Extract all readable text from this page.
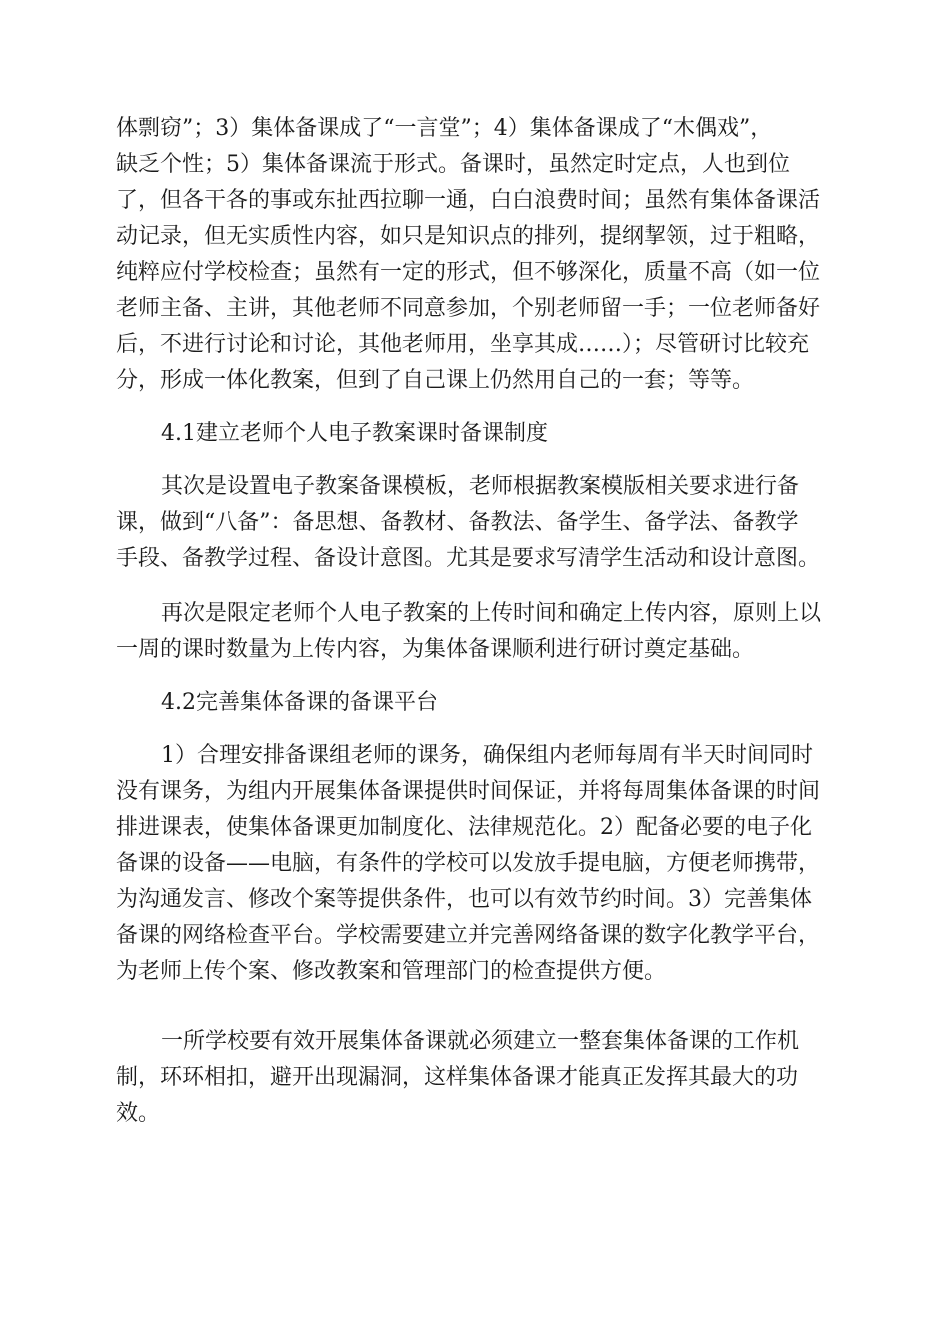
体剽窃”；3）集体备课成了“一言堂”；4）集体备课成了“木偶戏”，
缺乏个性；5）集体备课流于形式。备课时，虽然定时定点，人也到位
了，但各干各的事或东扯西拉聊一通，白白浪费时间；虽然有集体备课活
动记录，但无实质性内容，如只是知识点的排列，提纲挈领，过于粗略，
纯粹应付学校检查；虽然有一定的形式，但不够深化，质量不高（如一位
老师主备、主讲，其他老师不同意参加，个别老师留一手；一位老师备好
后，不进行讨论和讨论，其他老师用，坐享其成……）；尽管研讨比较充
分，形成一体化教案，但到了自己课上仍然用自己的一套；等等。
4.1建立老师个人电子教案课时备课制度
其次是设置电子教案备课模板，老师根据教案模版相关要求进行备
课，做到“八备”：备思想、备教材、备教法、备学生、备学法、备教学
手段、备教学过程、备设计意图。尤其是要求写清学生活动和设计意图。
再次是限定老师个人电子教案的上传时间和确定上传内容，原则上以
一周的课时数量为上传内容，为集体备课顺利进行研讨奠定基础。
4.2完善集体备课的备课平台
1）合理安排备课组老师的课务，确保组内老师每周有半天时间同时
没有课务，为组内开展集体备课提供时间保证，并将每周集体备课的时间
排进课表，使集体备课更加制度化、法律规范化。2）配备必要的电子化
备课的设备——电脑，有条件的学校可以发放手提电脑，方便老师携带，
为沟通发言、修改个案等提供条件，也可以有效节约时间。3）完善集体
备课的网络检查平台。学校需要建立并完善网络备课的数字化教学平台，
为老师上传个案、修改教案和管理部门的检查提供方便。
一所学校要有效开展集体备课就必须建立一整套集体备课的工作机
制，环环相扣，避开出现漏洞，这样集体备课才能真正发挥其最大的功
效。
